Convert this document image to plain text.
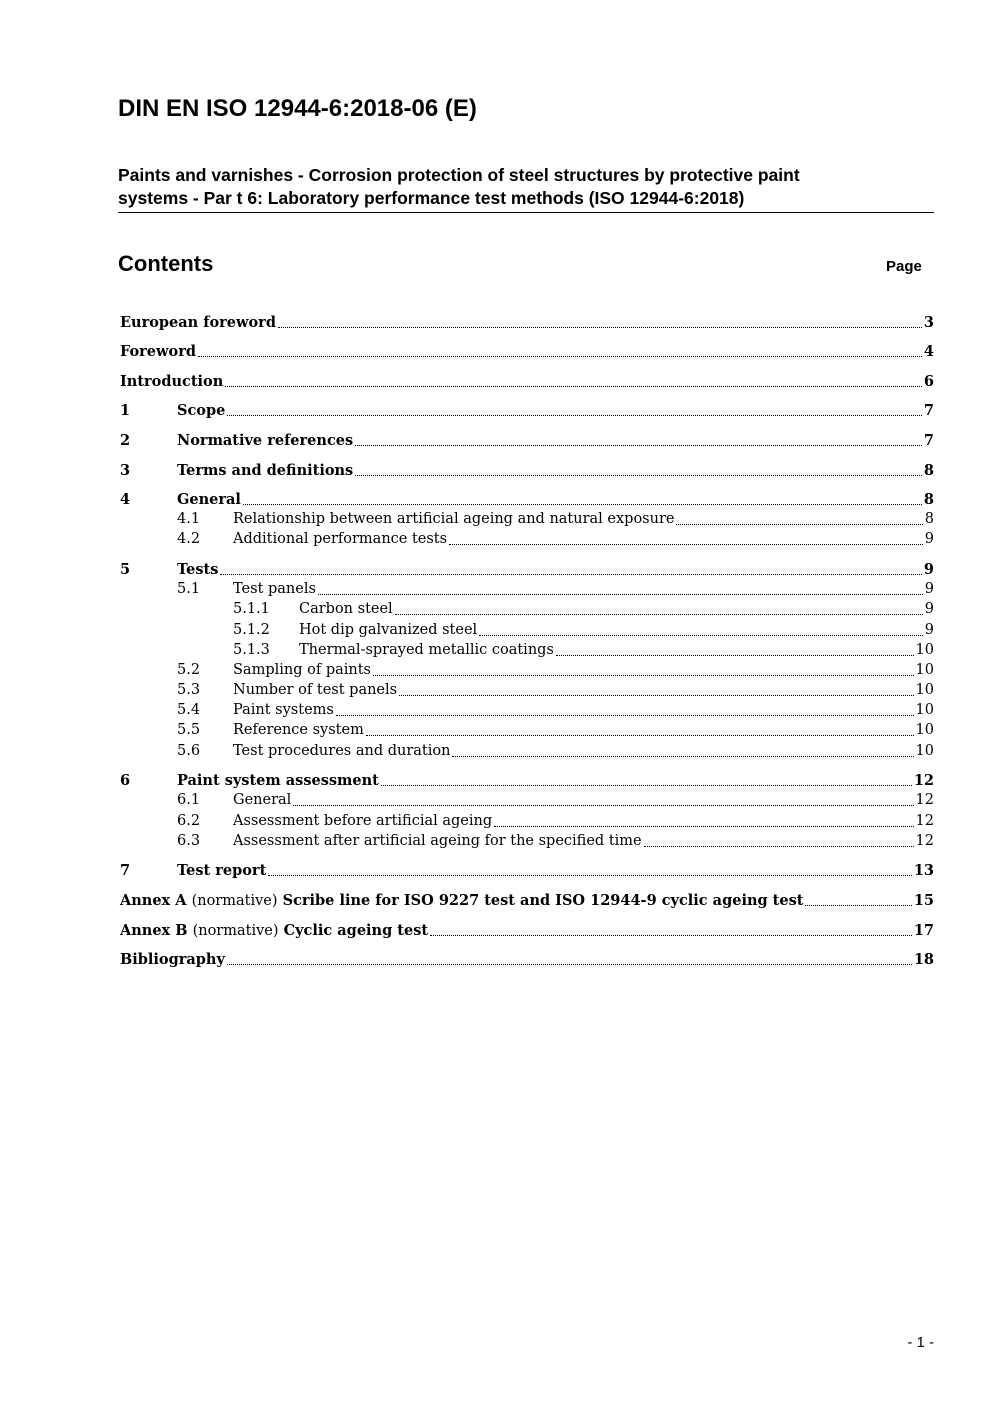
DIN EN ISO 12944-6:2018-06 (E)
Paints and varnishes - Corrosion protection of steel structures by protective paint
systems - Par t 6: Laboratory performance test methods (ISO 12944-6:2018)
Contents	Page
European foreword	3
Foreword	4
Introduction	6
1	Scope	7
2	Normative references	7
3	Terms and definitions	8
4	General	8
4.1	Relationship between artificial ageing and natural exposure	8
4.2	Additional performance tests	9
5	Tests	9
5.1	Test panels	9
5.1.1	Carbon steel	9
5.1.2	Hot dip galvanized steel	9
5.1.3	Thermal-sprayed metallic coatings	10
5.2	Sampling of paints	10
5.3	Number of test panels	10
5.4	Paint systems	10
5.5	Reference system	10
5.6	Test procedures and duration	10
6	Paint system assessment	12
6.1	General	12
6.2	Assessment before artificial ageing	12
6.3	Assessment after artificial ageing for the specified time	12
7	Test report	13
Annex A (normative) Scribe line for ISO 9227 test and ISO 12944-9 cyclic ageing test	15
Annex B (normative) Cyclic ageing test	17
Bibliography	18
- 1 -
